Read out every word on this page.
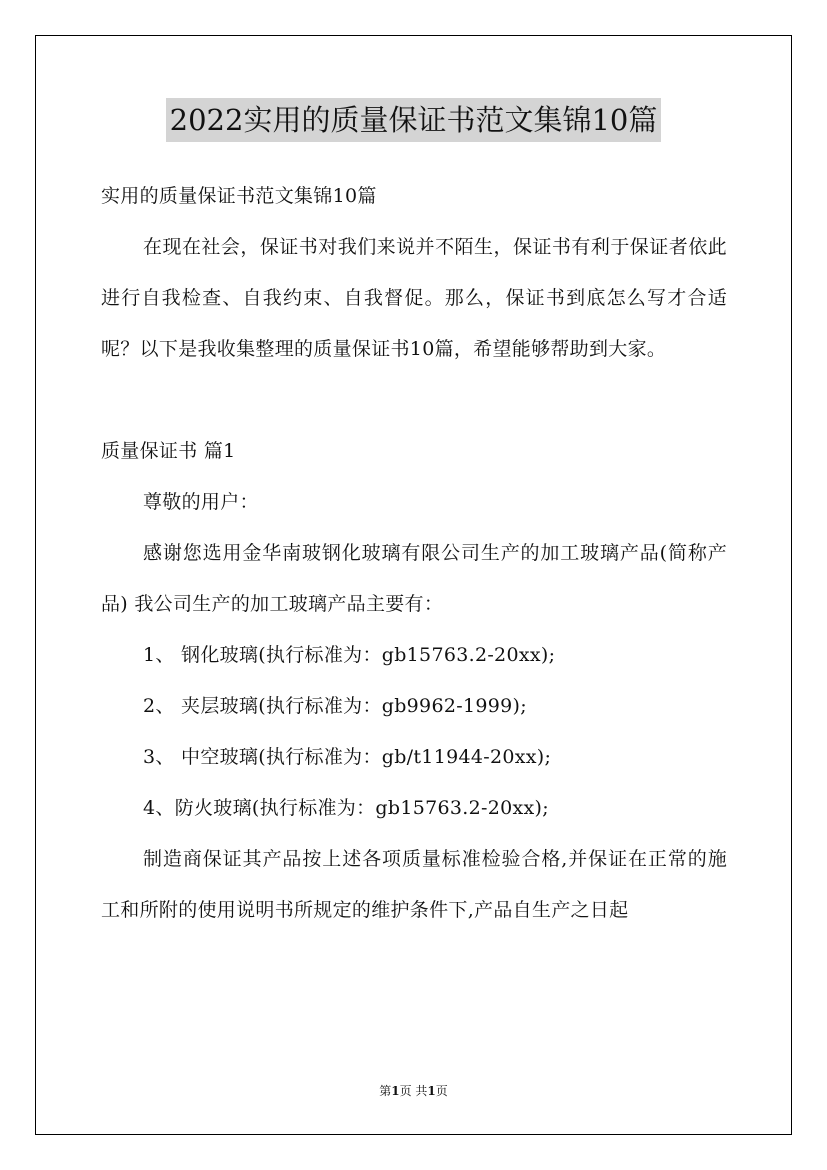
2022实用的质量保证书范文集锦10篇

实用的质量保证书范文集锦10篇

在现在社会，保证书对我们来说并不陌生，保证书有利于保证者依此进行自我检查、自我约束、自我督促。那么，保证书到底怎么写才合适呢？以下是我收集整理的质量保证书10篇，希望能够帮助到大家。

质量保证书 篇1

尊敬的用户：

感谢您选用金华南玻钢化玻璃有限公司生产的加工玻璃产品(简称产品) 我公司生产的加工玻璃产品主要有：

1、 钢化玻璃(执行标准为：gb15763.2-20xx);

2、 夹层玻璃(执行标准为：gb9962-1999);

3、 中空玻璃(执行标准为：gb/t11944-20xx);

4、防火玻璃(执行标准为：gb15763.2-20xx);

制造商保证其产品按上述各项质量标准检验合格,并保证在正常的施工和所附的使用说明书所规定的维护条件下,产品自生产之日起

第1页 共1页
